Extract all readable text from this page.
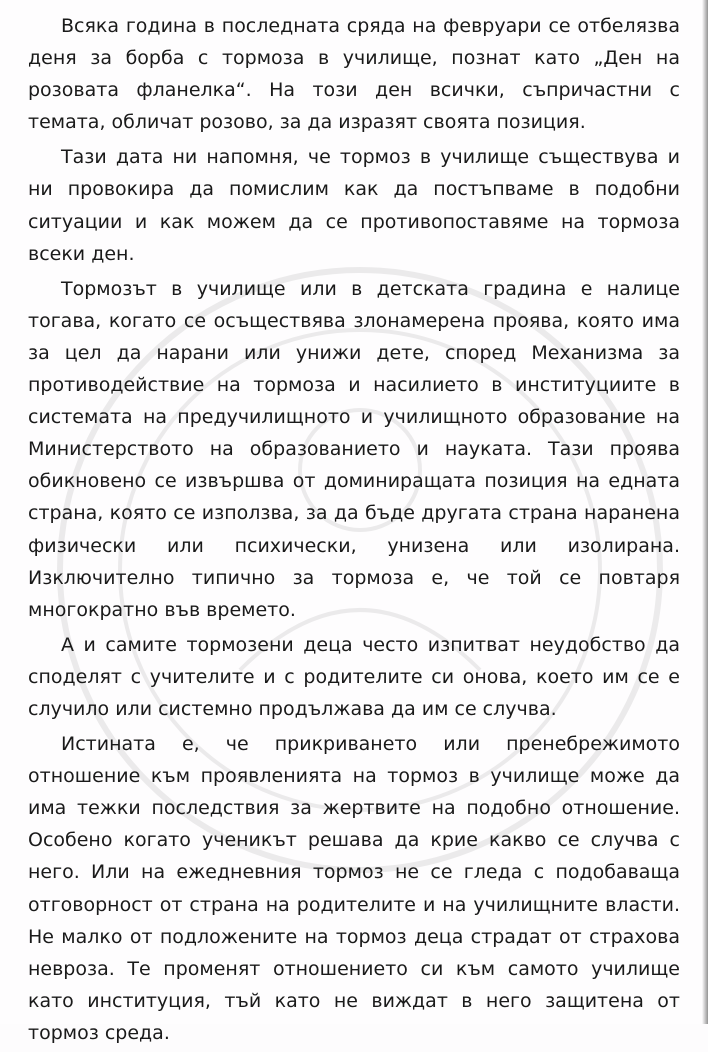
Всяка година в последната сряда на февруари се отбелязва деня за борба с тормоза в училище, познат като „Ден на розовата фланелка“. На този ден всички, съпричастни с темата, обличат розово, за да изразят своята позиция.

Тази дата ни напомня, че тормоз в училище съществува и ни провокира да помислим как да постъпваме в подобни ситуации и как можем да се противопоставяме на тормоза всеки ден.

Тормозът в училище или в детската градина е налице тогава, когато се осъществява злонамерена проява, която има за цел да нарани или унижи дете, според Механизма за противодействие на тормоза и насилието в институциите в системата на предучилищното и училищното образование на Министерството на образованието и науката. Тази проява обикновено се извършва от доминиращата позиция на едната страна, която се използва, за да бъде другата страна наранена физически или психически, унизена или изолирана. Изключително типично за тормоза е, че той се повтаря многократно във времето.

А и самите тормозени деца често изпитват неудобство да споделят с учителите и с родителите си онова, което им се е случило или системно продължава да им се случва.

Истината е, че прикриването или пренебрежимото отношение към проявленията на тормоз в училище може да има тежки последствия за жертвите на подобно отношение. Особено когато ученикът решава да крие какво се случва с него. Или на ежедневния тормоз не се гледа с подобаваща отговорност от страна на родителите и на училищните власти. Не малко от подложените на тормоз деца страдат от страхова невроза. Те променят отношението си към самото училище като институция, тъй като не виждат в него защитена от тормоз среда.
